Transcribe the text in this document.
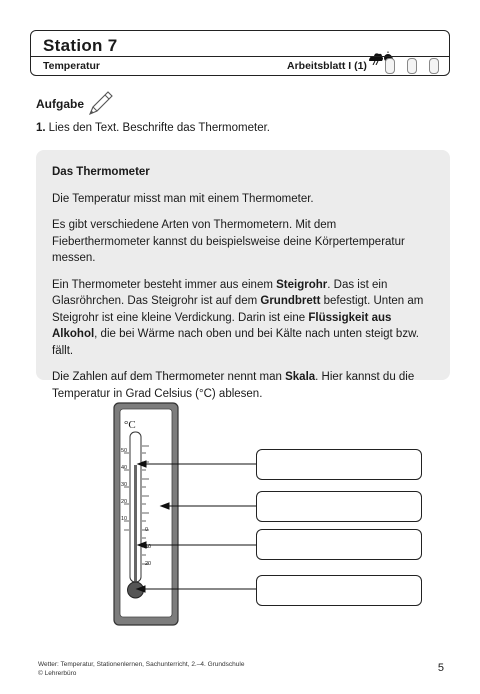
Station 7
Temperatur	Arbeitsblatt I (1)
Aufgabe
1. Lies den Text. Beschrifte das Thermometer.

Das Thermometer

Die Temperatur misst man mit einem Thermometer.

Es gibt verschiedene Arten von Thermometern. Mit dem Fieberthermometer kannst du beispielsweise deine Körpertemperatur messen.

Ein Thermometer besteht immer aus einem Steigrohr. Das ist ein Glasröhrchen. Das Steigrohr ist auf dem Grundbrett befestigt. Unten am Steigrohr ist eine kleine Verdickung. Darin ist eine Flüssigkeit aus Alkohol, die bei Wärme nach oben und bei Kälte nach unten steigt bzw. fällt.

Die Zahlen auf dem Thermometer nennt man Skala. Hier kannst du die Temperatur in Grad Celsius (°C) ablesen.

°C
50
40
30
20
10
0
10
20
Wetter: Temperatur, Stationenlernen, Sachunterricht, 2.–4. Grundschule
© Lehrerbüro	5
